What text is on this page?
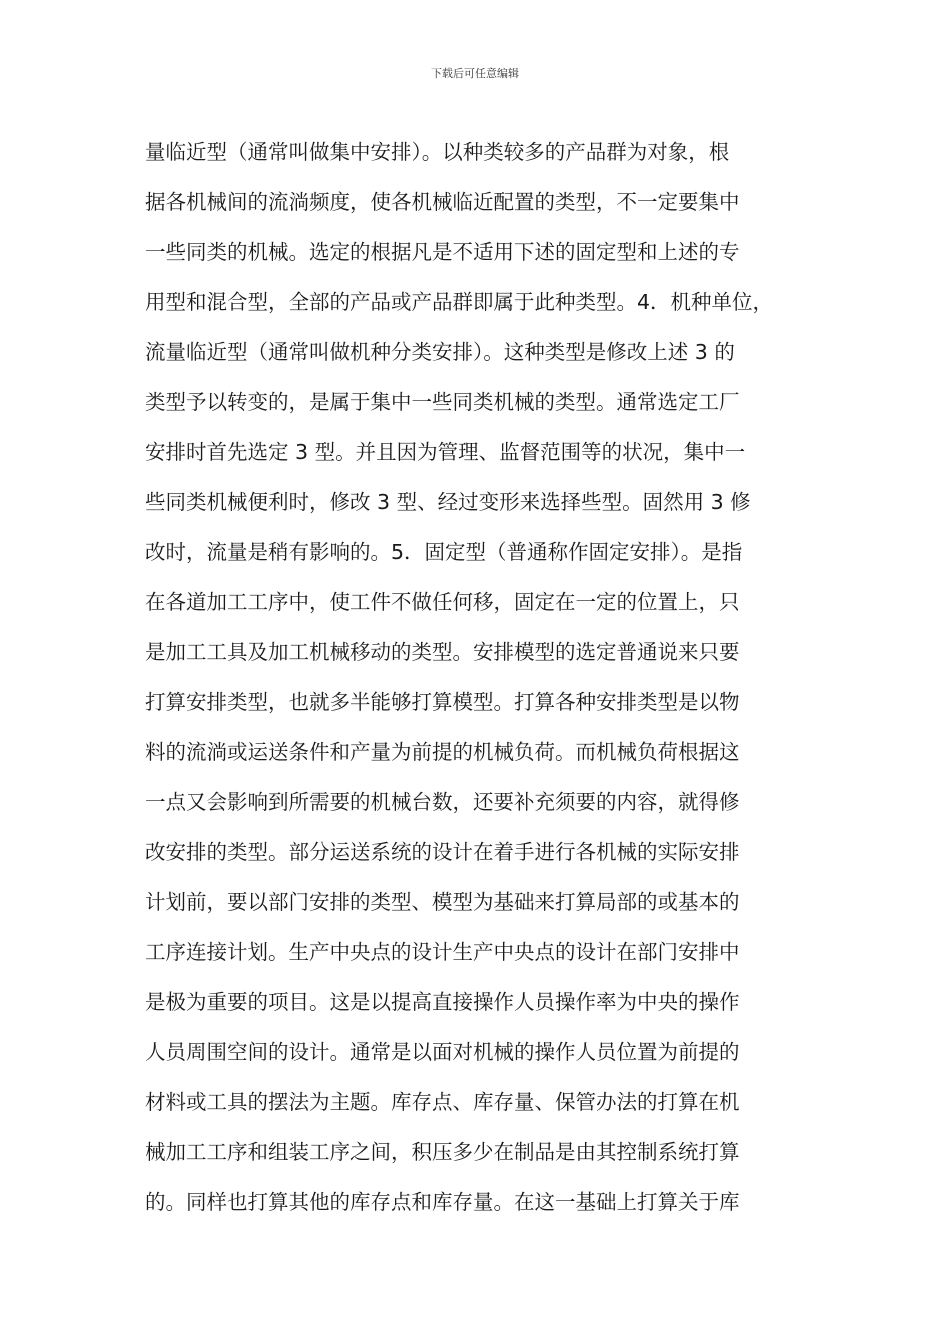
下载后可任意编辑
量临近型（通常叫做集中安排）。以种类较多的产品群为对象，根
据各机械间的流淌频度，使各机械临近配置的类型，不一定要集中
一些同类的机械。选定的根据凡是不适用下述的固定型和上述的专
用型和混合型，全部的产品或产品群即属于此种类型。4．机种单位，
流量临近型（通常叫做机种分类安排）。这种类型是修改上述 3 的
类型予以转变的，是属于集中一些同类机械的类型。通常选定工厂
安排时首先选定 3 型。并且因为管理、监督范围等的状况，集中一
些同类机械便利时，修改 3 型、经过变形来选择些型。固然用 3 修
改时，流量是稍有影响的。5．固定型（普通称作固定安排）。是指
在各道加工工序中，使工件不做任何移，固定在一定的位置上，只
是加工工具及加工机械移动的类型。安排模型的选定普通说来只要
打算安排类型，也就多半能够打算模型。打算各种安排类型是以物
料的流淌或运送条件和产量为前提的机械负荷。而机械负荷根据这
一点又会影响到所需要的机械台数，还要补充须要的内容，就得修
改安排的类型。部分运送系统的设计在着手进行各机械的实际安排
计划前，要以部门安排的类型、模型为基础来打算局部的或基本的
工序连接计划。生产中央点的设计生产中央点的设计在部门安排中
是极为重要的项目。这是以提高直接操作人员操作率为中央的操作
人员周围空间的设计。通常是以面对机械的操作人员位置为前提的
材料或工具的摆法为主题。库存点、库存量、保管办法的打算在机
械加工工序和组装工序之间，积压多少在制品是由其控制系统打算
的。同样也打算其他的库存点和库存量。在这一基础上打算关于库
